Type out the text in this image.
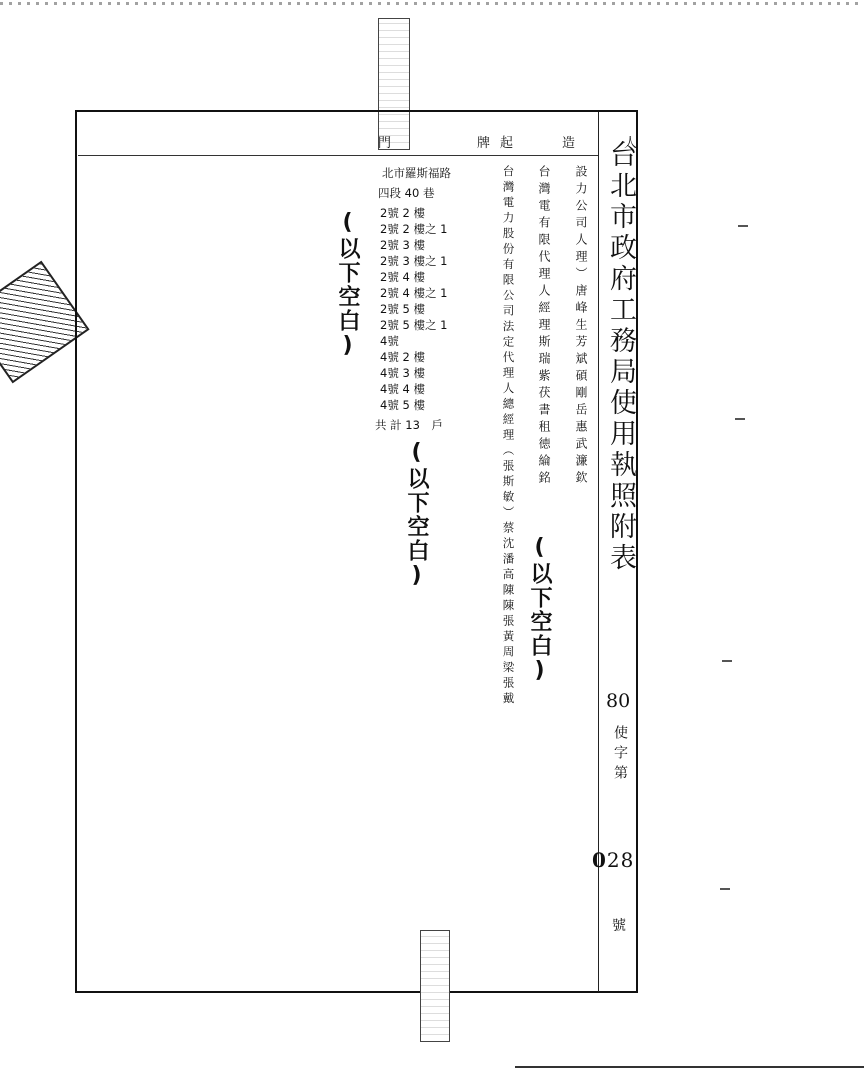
台北市政府工務局使用執照附表
門　　牌
起　造　人
設力公司人理）唐峰生芳斌碩剛岳惠武濂欽
台灣電有限代理人經理斯瑞紫茯書租徳綸銘
台灣電力股份有限公司法定代理人總經理（張斯敏）蔡沈潘高陳陳張黃周梁張戴
北市羅斯福路
四段 40 巷
2號 2 樓
2號 2 樓之 1
2號 3 樓
2號 3 樓之 1
2號 4 樓
2號 4 樓之 1
2號 5 樓
2號 5 樓之 1
4號
4號 2 樓
4號 3 樓
4號 4 樓
4號 5 樓
共 計 13　戶
(以下空白)
(以下空白)
(以下空白)
80
使字第
028
號
